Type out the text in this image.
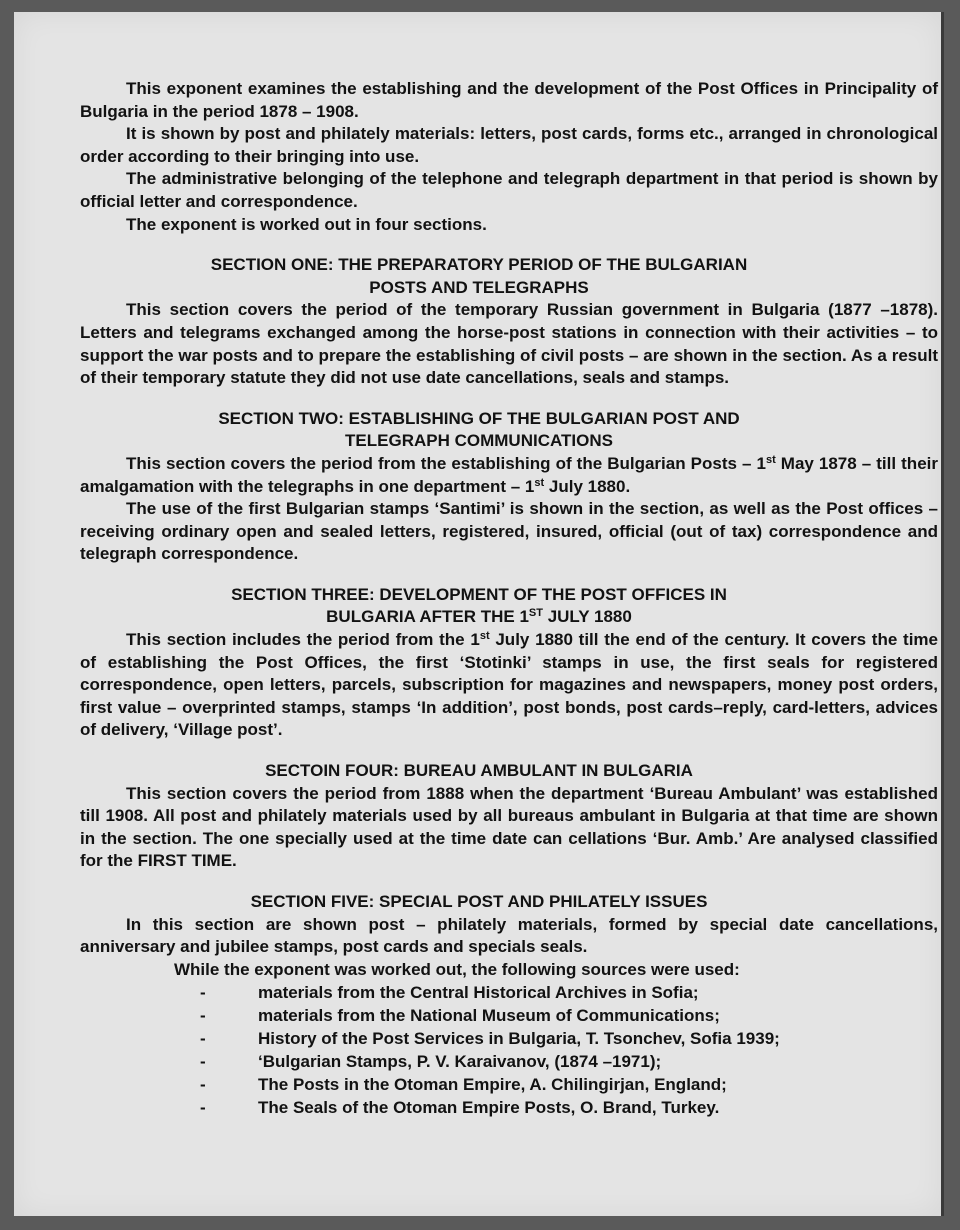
This exponent examines the establishing and the development of the Post Offices in Principality of Bulgaria in the period 1878 – 1908.

It is shown by post and philately materials: letters, post cards, forms etc., arranged in chronological order according to their bringing into use.

The administrative belonging of the telephone and telegraph department in that period is shown by official letter and correspondence.

The exponent is worked out in four sections.

SECTION ONE: THE PREPARATORY PERIOD OF THE BULGARIAN
POSTS AND TELEGRAPHS

This section covers the period of the temporary Russian government in Bulgaria (1877 –1878). Letters and telegrams exchanged among the horse-post stations in connection with their activities – to support the war posts and to prepare the establishing of civil posts – are shown in the section. As a result of their temporary statute they did not use date cancellations, seals and stamps.

SECTION TWO: ESTABLISHING OF THE BULGARIAN POST AND
TELEGRAPH COMMUNICATIONS

This section covers the period from the establishing of the Bulgarian Posts – 1st May 1878 – till their amalgamation with the telegraphs in one department – 1st July 1880.

The use of the first Bulgarian stamps ‘Santimi’ is shown in the section, as well as the Post offices – receiving ordinary open and sealed letters, registered, insured, official (out of tax) correspondence and telegraph correspondence.

SECTION THREE: DEVELOPMENT OF THE POST OFFICES IN
BULGARIA AFTER THE 1ST JULY 1880

This section includes the period from the 1st July 1880 till the end of the century. It covers the time of establishing the Post Offices, the first ‘Stotinki’ stamps in use, the first seals for registered correspondence, open letters, parcels, subscription for magazines and newspapers, money post orders, first value – overprinted stamps, stamps ‘In addition’, post bonds, post cards–reply, card-letters, advices of delivery, ‘Village post’.

SECTOIN FOUR: BUREAU AMBULANT IN BULGARIA

This section covers the period from 1888 when the department ‘Bureau Ambulant’ was established till 1908. All post and philately materials used by all bureaus ambulant in Bulgaria at that time are shown in the section. The one specially used at the time date can cellations ‘Bur. Amb.’ Are analysed classified for the FIRST TIME.

SECTION FIVE: SPECIAL POST AND PHILATELY ISSUES

In this section are shown post – philately materials, formed by special date cancellations, anniversary and jubilee stamps, post cards and specials seals.

While the exponent was worked out, the following sources were used:

-	materials from the Central Historical Archives in Sofia;
-	materials from the National Museum of Communications;
-	History of the Post Services in Bulgaria, T. Tsonchev, Sofia 1939;
-	‘Bulgarian Stamps, P. V. Karaivanov, (1874 –1971);
-	The Posts in the Otoman Empire, A. Chilingirjan, England;
-	The Seals of the Otoman Empire Posts, O. Brand, Turkey.
